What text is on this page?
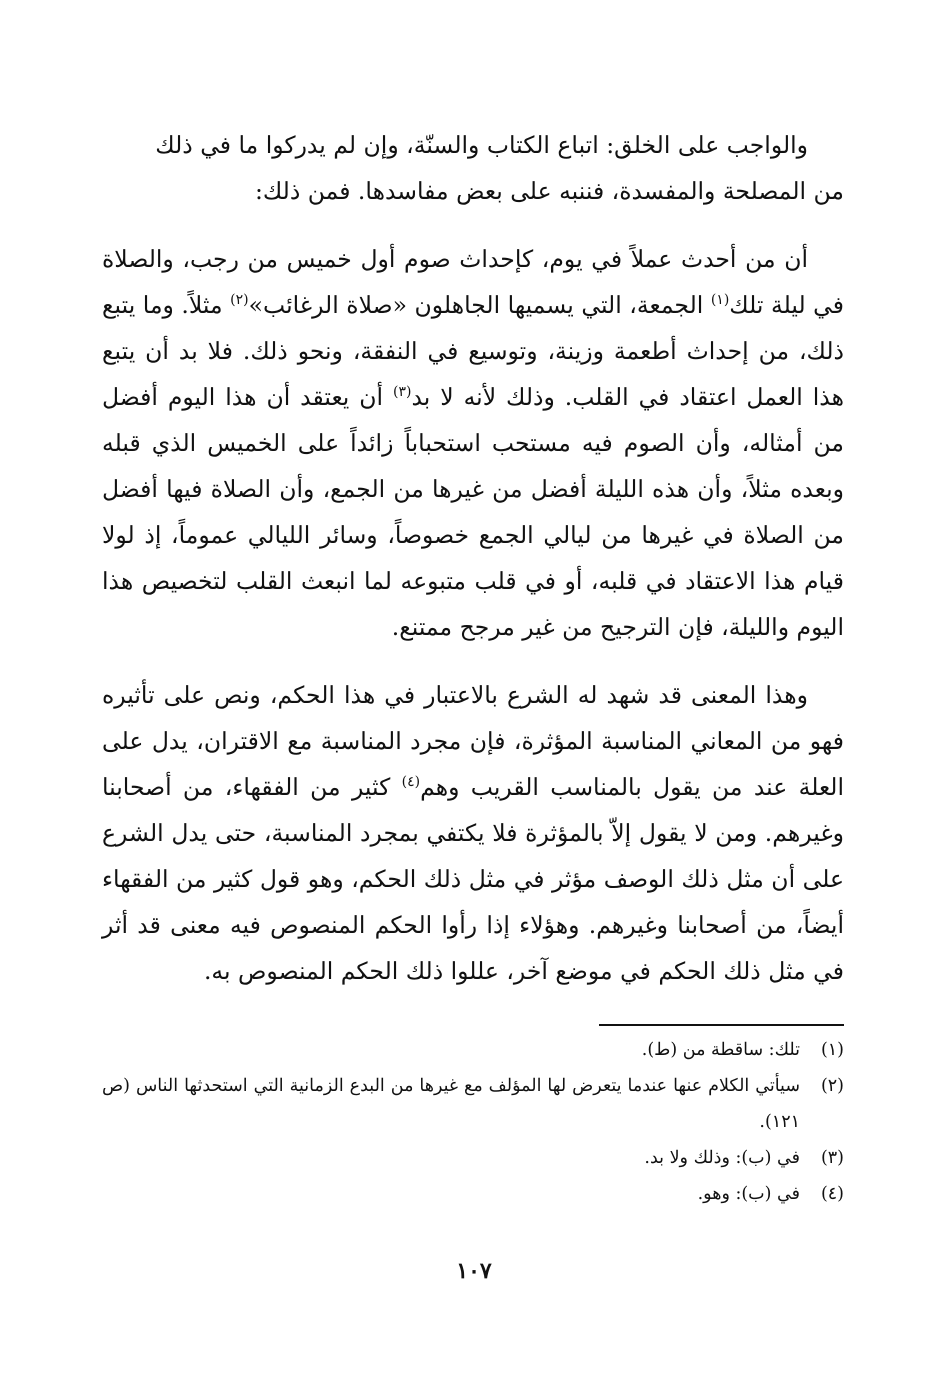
والواجب على الخلق: اتباع الكتاب والسنّة، وإن لم يدركوا ما في ذلك
من المصلحة والمفسدة، فننبه على بعض مفاسدها. فمن ذلك:

أن من أحدث عملاً في يوم، كإحداث صوم أول خميس من رجب، والصلاة في ليلة تلك$^{(١)}$ الجمعة، التي يسميها الجاهلون «صلاة الرغائب»$^{(٢)}$ مثلاً. وما يتبع ذلك، من إحداث أطعمة وزينة، وتوسيع في النفقة، ونحو ذلك. فلا بد أن يتبع هذا العمل اعتقاد في القلب. وذلك لأنه لا بد$^{(٣)}$ أن يعتقد أن هذا اليوم أفضل من أمثاله، وأن الصوم فيه مستحب استحباباً زائداً على الخميس الذي قبله وبعده مثلاً، وأن هذه الليلة أفضل من غيرها من الجمع، وأن الصلاة فيها أفضل من الصلاة في غيرها من ليالي الجمع خصوصاً، وسائر الليالي عموماً، إذ لولا قيام هذا الاعتقاد في قلبه، أو في قلب متبوعه لما انبعث القلب لتخصيص هذا اليوم والليلة، فإن الترجيح من غير مرجح ممتنع.

وهذا المعنى قد شهد له الشرع بالاعتبار في هذا الحكم، ونص على تأثيره فهو من المعاني المناسبة المؤثرة، فإن مجرد المناسبة مع الاقتران، يدل على العلة عند من يقول بالمناسب القريب وهم$^{(٤)}$ كثير من الفقهاء، من أصحابنا وغيرهم. ومن لا يقول إلاّ بالمؤثرة فلا يكتفي بمجرد المناسبة، حتى يدل الشرع على أن مثل ذلك الوصف مؤثر في مثل ذلك الحكم، وهو قول كثير من الفقهاء أيضاً، من أصحابنا وغيرهم. وهؤلاء إذا رأوا الحكم المنصوص فيه معنى قد أثر في مثل ذلك الحكم في موضع آخر، عللوا ذلك الحكم المنصوص به.

(١)
تلك: ساقطة من (ط).
(٢)
سيأتي الكلام عنها عندما يتعرض لها المؤلف مع غيرها من البدع الزمانية التي استحدثها الناس (ص ١٢١).
(٣)
في (ب): وذلك ولا بد.
(٤)
في (ب): وهو.
١٠٧
